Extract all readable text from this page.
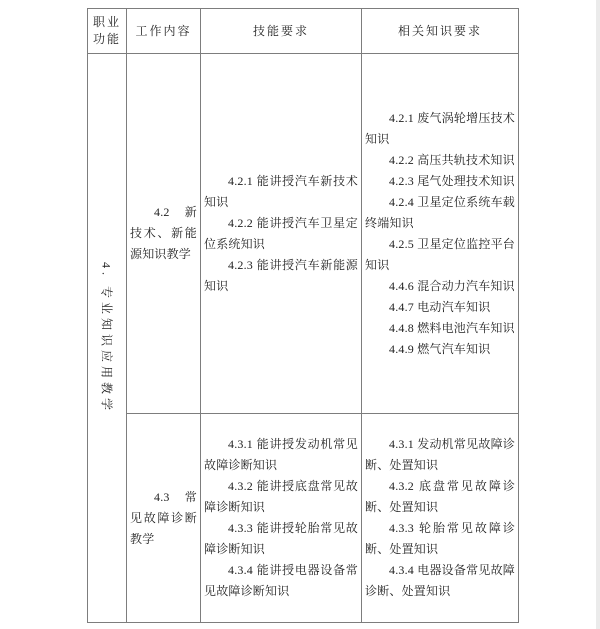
职业功能
工作内容	技能要求	相关知识要求
4. 专业知识应用教学

4.2 新技术、新能源知识教学

4.2.1 能讲授汽车新技术知识

4.2.2 能讲授汽车卫星定位系统知识

4.2.3 能讲授汽车新能源知识

4.2.1 废气涡轮增压技术知识

4.2.2 高压共轨技术知识

4.2.3 尾气处理技术知识

4.2.4 卫星定位系统车载终端知识

4.2.5 卫星定位监控平台知识

4.4.6 混合动力汽车知识

4.4.7 电动汽车知识

4.4.8 燃料电池汽车知识

4.4.9 燃气汽车知识

4.3 常见故障诊断教学

4.3.1 能讲授发动机常见故障诊断知识

4.3.2 能讲授底盘常见故障诊断知识

4.3.3 能讲授轮胎常见故障诊断知识

4.3.4 能讲授电器设备常见故障诊断知识

4.3.1 发动机常见故障诊断、处置知识

4.3.2 底盘常见故障诊断、处置知识

4.3.3 轮胎常见故障诊断、处置知识

4.3.4 电器设备常见故障诊断、处置知识
